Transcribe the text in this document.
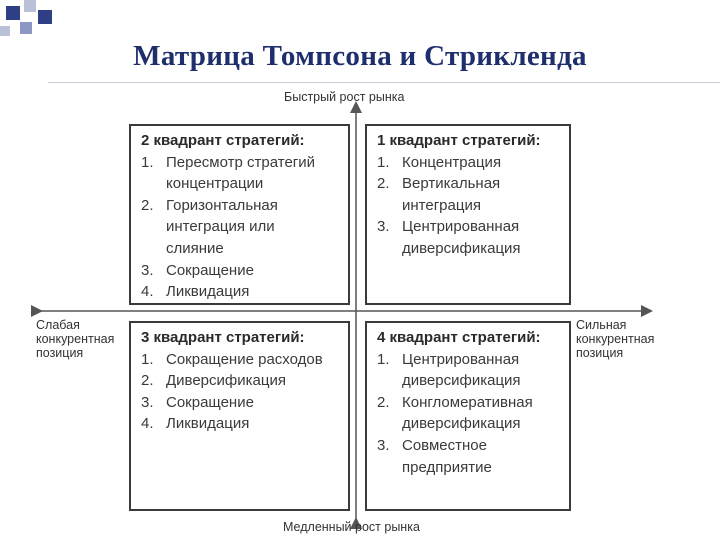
Матрица Томпсона и Стрикленда
Быстрый рост рынка
Медленный рост рынка
Слабая
конкурентная
позиция
Сильная
конкурентная
позиция
2 квадрант стратегий:
1. Пересмотр стратегий
концентрации
2. Горизонтальная
интеграция или
слияние
3. Сокращение
4. Ликвидация
1 квадрант стратегий:
1. Концентрация
2. Вертикальная
интеграция
3. Центрированная
диверсификация
3 квадрант стратегий:
1. Сокращение расходов
2. Диверсификация
3. Сокращение
4. Ликвидация
4 квадрант стратегий:
1. Центрированная
диверсификация
2. Конгломеративная
диверсификация
3. Совместное
предприятие
